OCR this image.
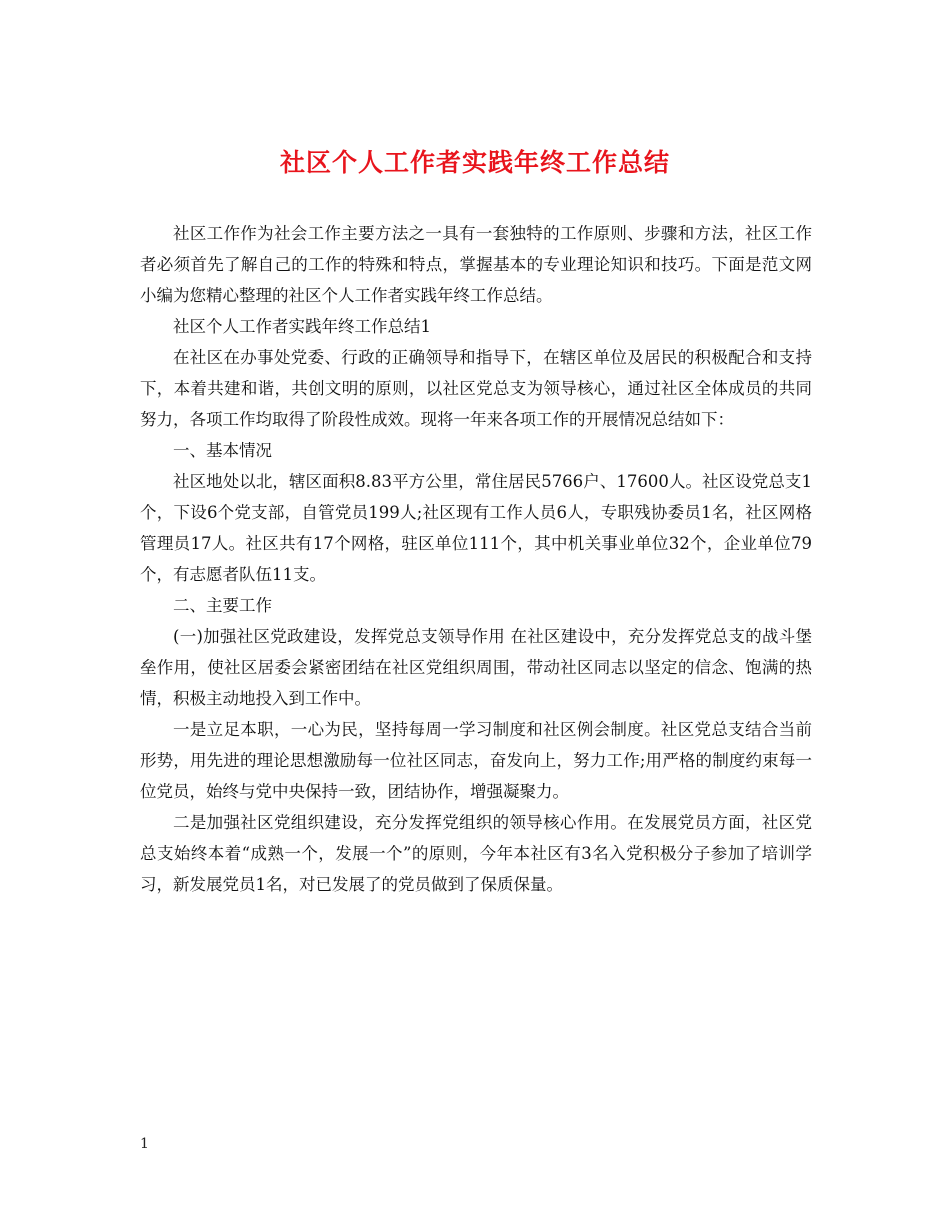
社区个人工作者实践年终工作总结

社区工作作为社会工作主要方法之一具有一套独特的工作原则、步骤和方法，社区工作者必须首先了解自己的工作的特殊和特点，掌握基本的专业理论知识和技巧。下面是范文网小编为您精心整理的社区个人工作者实践年终工作总结。

社区个人工作者实践年终工作总结1

在社区在办事处党委、行政的正确领导和指导下，在辖区单位及居民的积极配合和支持下，本着共建和谐，共创文明的原则，以社区党总支为领导核心，通过社区全体成员的共同努力，各项工作均取得了阶段性成效。现将一年来各项工作的开展情况总结如下：

一、基本情况

社区地处以北，辖区面积8.83平方公里，常住居民5766户、17600人。社区设党总支1个，下设6个党支部，自管党员199人;社区现有工作人员6人，专职残协委员1名，社区网格管理员17人。社区共有17个网格，驻区单位111个，其中机关事业单位32个，企业单位79个，有志愿者队伍11支。

二、主要工作

(一)加强社区党政建设，发挥党总支领导作用 在社区建设中，充分发挥党总支的战斗堡垒作用，使社区居委会紧密团结在社区党组织周围，带动社区同志以坚定的信念、饱满的热情，积极主动地投入到工作中。

一是立足本职，一心为民，坚持每周一学习制度和社区例会制度。社区党总支结合当前形势，用先进的理论思想激励每一位社区同志，奋发向上，努力工作;用严格的制度约束每一位党员，始终与党中央保持一致，团结协作，增强凝聚力。

二是加强社区党组织建设，充分发挥党组织的领导核心作用。在发展党员方面，社区党总支始终本着“成熟一个，发展一个”的原则，今年本社区有3名入党积极分子参加了培训学习，新发展党员1名，对已发展了的党员做到了保质保量。

1
